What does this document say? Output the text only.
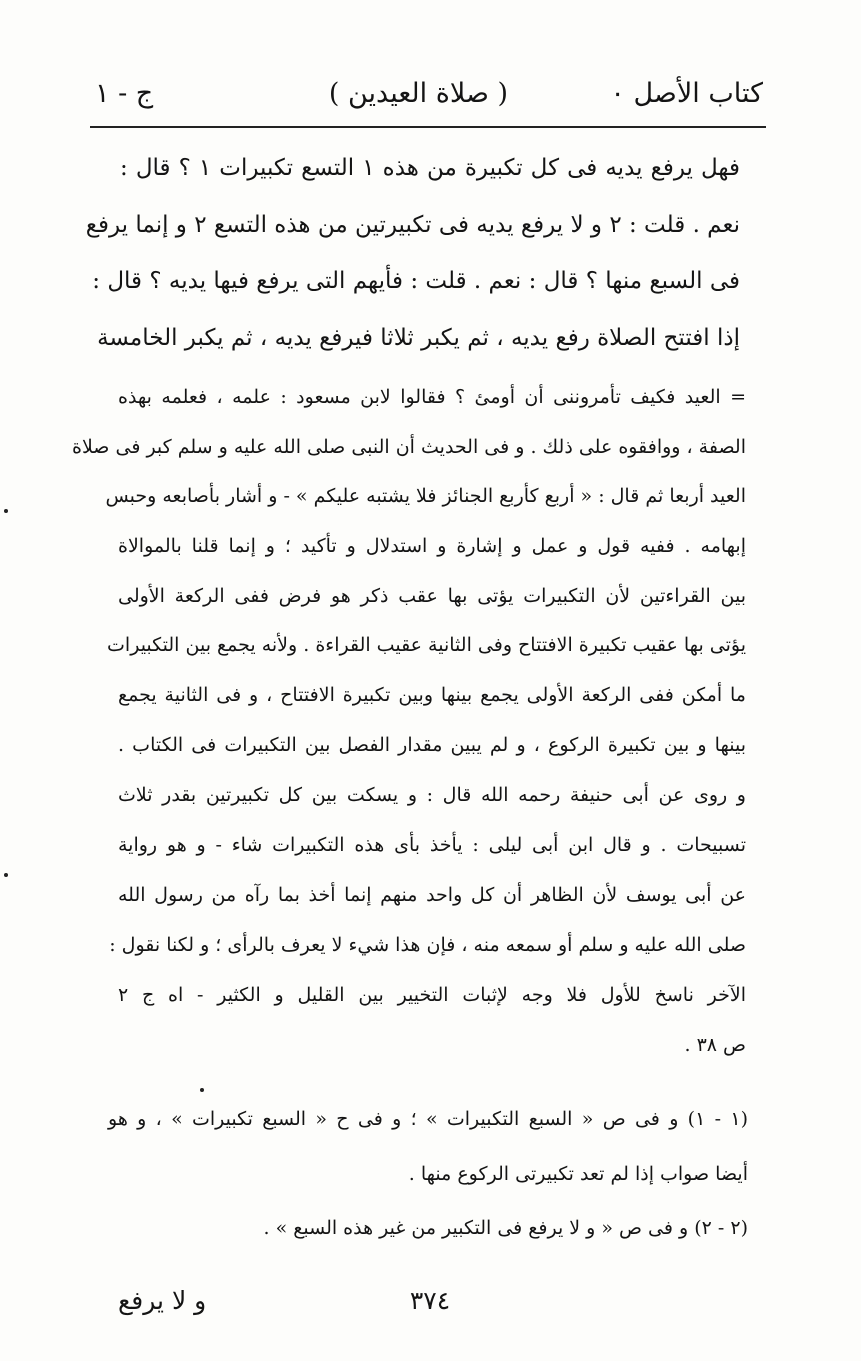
كتاب الأصل ٠
( صلاة العيدين )
ج - ١
فهل يرفع يديه فى كل تكبيرة من هذه ١ التسع تكبيرات ١ ؟ قال :
نعم . قلت : ٢ و لا يرفع يديه فى تكبيرتين من هذه التسع ٢ و إنما يرفع
فى السبع منها ؟ قال : نعم . قلت : فأيهم التى يرفع فيها يديه ؟ قال :
إذا افتتح الصلاة رفع يديه ، ثم يكبر ثلاثا فيرفع يديه ، ثم يكبر الخامسة
= العيد فكيف تأمروننى أن أومئ ؟ فقالوا لابن مسعود : علمه ، فعلمه بهذه
الصفة ، ووافقوه على ذلك . و فى الحديث أن النبى صلى الله عليه و سلم كبر فى صلاة
العيد أربعا ثم قال : « أربع كأربع الجنائز فلا يشتبه عليكم » - و أشار بأصابعه وحبس
إبهامه . ففيه قول و عمل و إشارة و استدلال و تأكيد ؛ و إنما قلنا بالموالاة
بين القراءتين لأن التكبيرات يؤتى بها عقب ذكر هو فرض ففى الركعة الأولى
يؤتى بها عقيب تكبيرة الافتتاح وفى الثانية عقيب القراءة . ولأنه يجمع بين التكبيرات
ما أمكن ففى الركعة الأولى يجمع بينها وبين تكبيرة الافتتاح ، و فى الثانية يجمع
بينها و بين تكبيرة الركوع ، و لم يبين مقدار الفصل بين التكبيرات فى الكتاب .
و روى عن أبى حنيفة رحمه الله قال : و يسكت بين كل تكبيرتين بقدر ثلاث
تسبيحات . و قال ابن أبى ليلى : يأخذ بأى هذه التكبيرات شاء - و هو رواية
عن أبى يوسف لأن الظاهر أن كل واحد منهم إنما أخذ بما رآه من رسول الله
صلى الله عليه و سلم أو سمعه منه ، فإن هذا شيء لا يعرف بالرأى ؛ و لكنا نقول :
الآخر ناسخ للأول فلا وجه لإثبات التخيير بين القليل و الكثير - اه ج ٢
ص ٣٨ .
(١ - ١) و فى ص « السبع التكبيرات » ؛ و فى ح « السبع تكبيرات » ، و هو
أيضا صواب إذا لم تعد تكبيرتى الركوع منها .
(٢ - ٢) و فى ص « و لا يرفع فى التكبير من غير هذه السبع » .
٣٧٤
و لا يرفع
